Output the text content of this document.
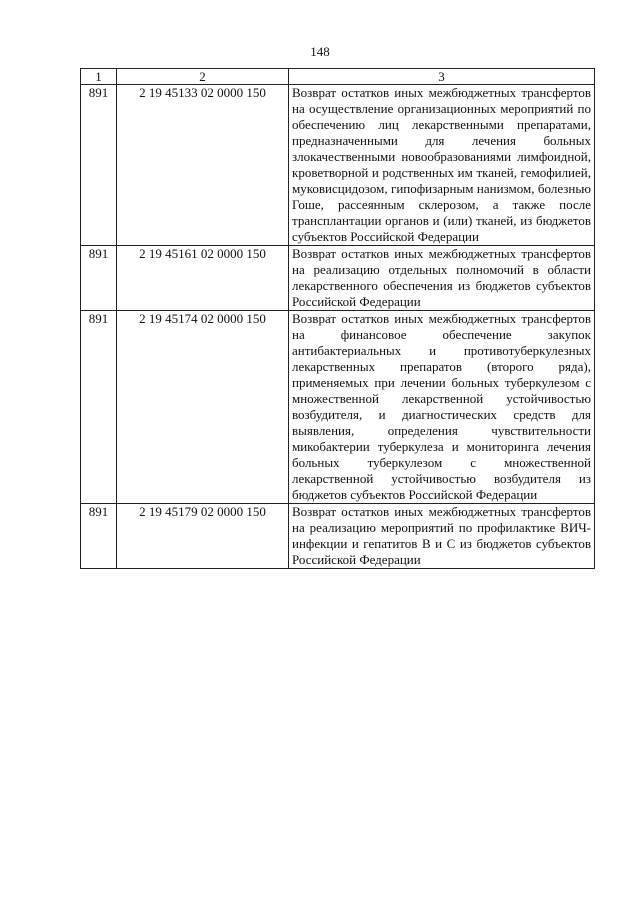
148
1	2	3
891	2 19 45133 02 0000 150	Возврат остатков иных межбюджетных трансфертов на осуществление организационных мероприятий по обеспечению лиц лекарственными препаратами, предназначенными для лечения больных злокачественными новообразованиями лимфоидной, кроветворной и родственных им тканей, гемофилией, муковисцидозом, гипофизарным нанизмом, болезнью Гоше, рассеянным склерозом, а также после трансплантации органов и (или) тканей, из бюджетов субъектов Российской Федерации
891	2 19 45161 02 0000 150	Возврат остатков иных межбюджетных трансфертов на реализацию отдельных полномочий в области лекарственного обеспечения из бюджетов субъектов Российской Федерации
891	2 19 45174 02 0000 150	Возврат остатков иных межбюджетных трансфертов на финансовое обеспечение закупок антибактериальных и противотуберкулезных лекарственных препаратов (второго ряда), применяемых при лечении больных туберкулезом с множественной лекарственной устойчивостью возбудителя, и диагностических средств для выявления, определения чувствительности микобактерии туберкулеза и мониторинга лечения больных туберкулезом с множественной лекарственной устойчивостью возбудителя из бюджетов субъектов Российской Федерации
891	2 19 45179 02 0000 150	Возврат остатков иных межбюджетных трансфертов на реализацию мероприятий по профилактике ВИЧ-инфекции и гепатитов В и С из бюджетов субъектов Российской Федерации
